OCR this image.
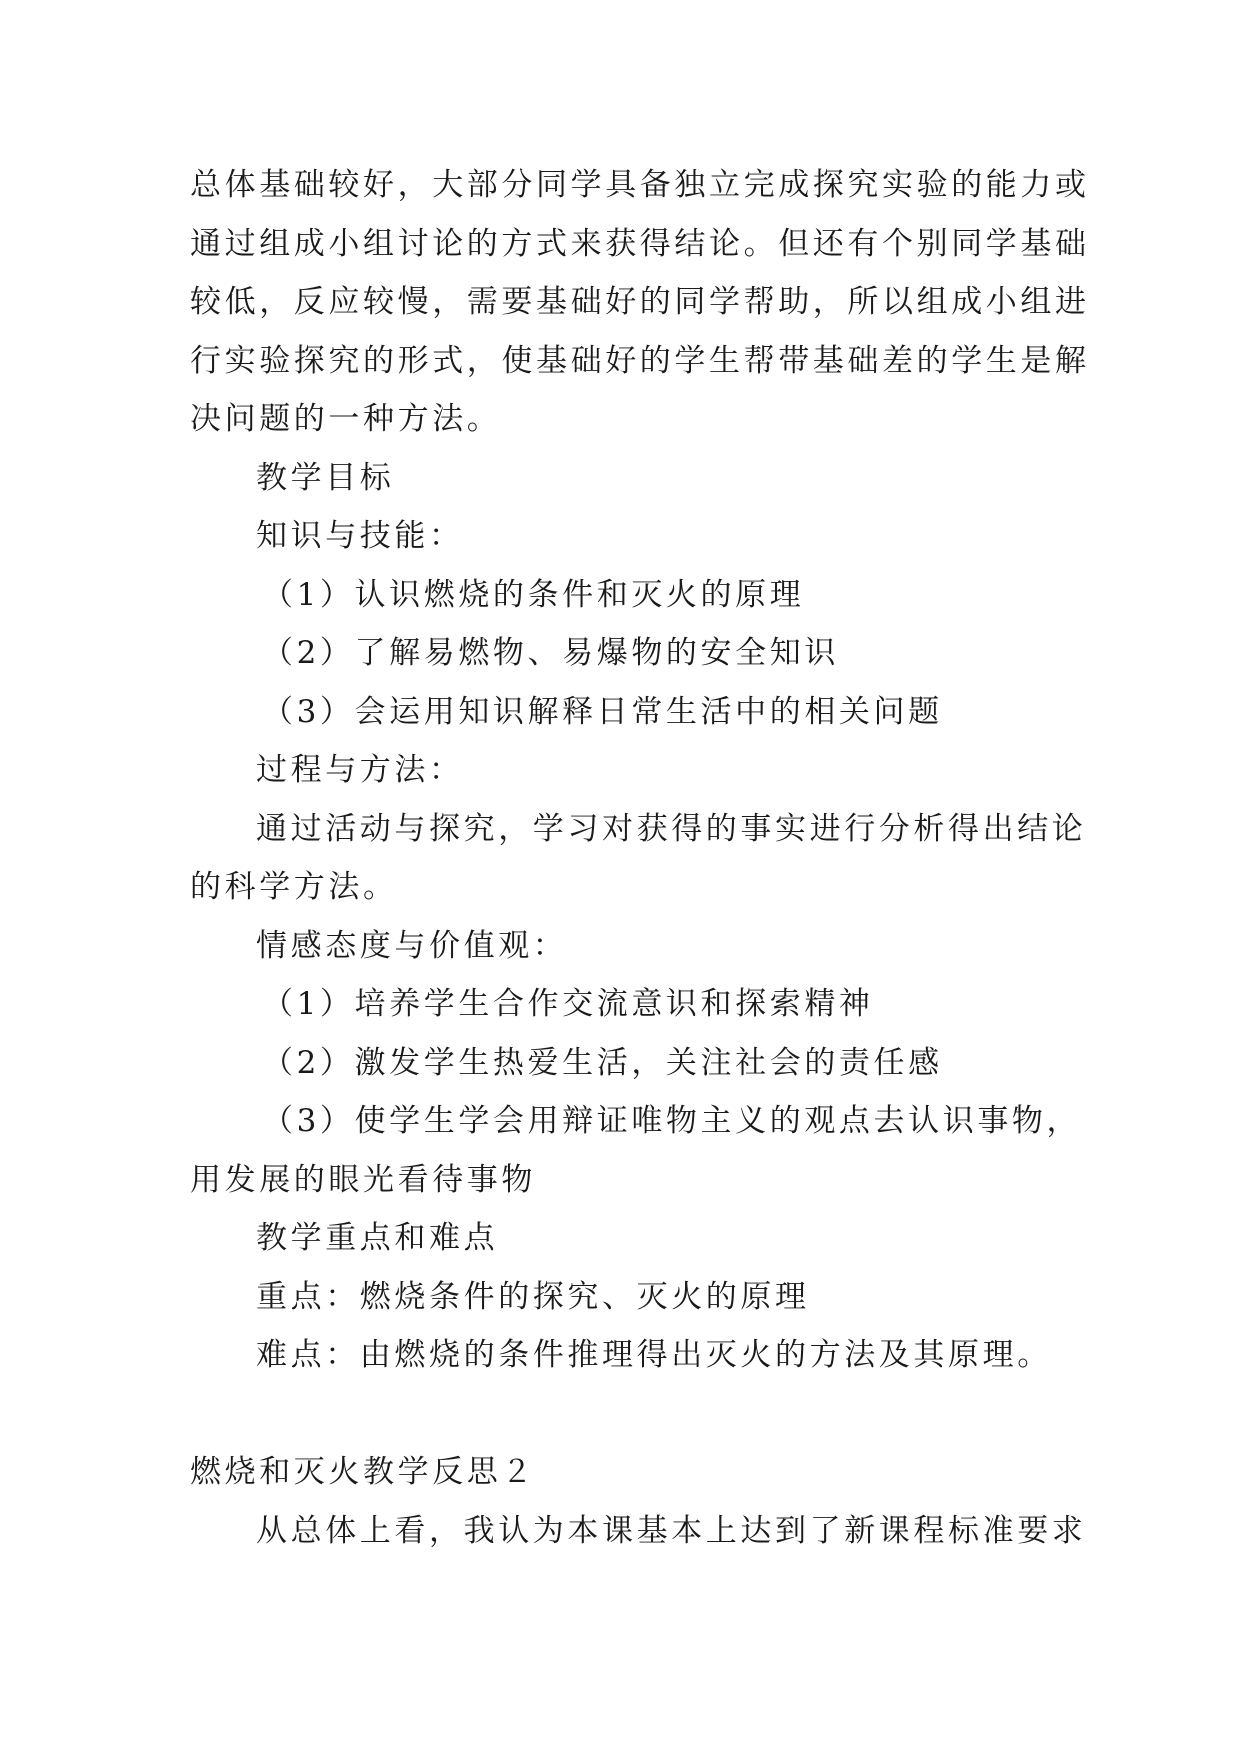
总体基础较好，大部分同学具备独立完成探究实验的能力或
通过组成小组讨论的方式来获得结论。但还有个别同学基础
较低，反应较慢，需要基础好的同学帮助，所以组成小组进
行实验探究的形式，使基础好的学生帮带基础差的学生是解
决问题的一种方法。
教学目标
知识与技能：
（1）认识燃烧的条件和灭火的原理
（2）了解易燃物、易爆物的安全知识
（3）会运用知识解释日常生活中的相关问题
过程与方法：
通过活动与探究，学习对获得的事实进行分析得出结论
的科学方法。
情感态度与价值观：
（1）培养学生合作交流意识和探索精神
（2）激发学生热爱生活，关注社会的责任感
（3）使学生学会用辩证唯物主义的观点去认识事物，
用发展的眼光看待事物
教学重点和难点
重点：燃烧条件的探究、灭火的原理
难点：由燃烧的条件推理得出灭火的方法及其原理。
燃烧和灭火教学反思２
从总体上看，我认为本课基本上达到了新课程标准要求
